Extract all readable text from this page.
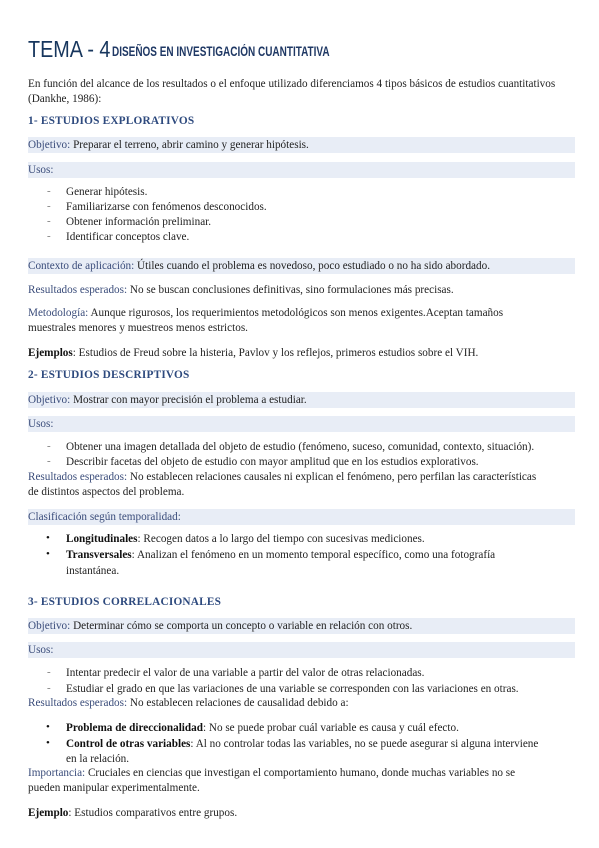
TEMA - 4 DISEÑOS EN INVESTIGACIÓN CUANTITATIVA
En función del alcance de los resultados o el enfoque utilizado diferenciamos 4 tipos básicos de estudios cuantitativos (Dankhe, 1986):
1- ESTUDIOS EXPLORATIVOS
Objetivo: Preparar el terreno, abrir camino y generar hipótesis.
Usos:
- Generar hipótesis.
- Familiarizarse con fenómenos desconocidos.
- Obtener información preliminar.
- Identificar conceptos clave.
Contexto de aplicación: Útiles cuando el problema es novedoso, poco estudiado o no ha sido abordado.
Resultados esperados: No se buscan conclusiones definitivas, sino formulaciones más precisas.
Metodología: Aunque rigurosos, los requerimientos metodológicos son menos exigentes.Aceptan tamaños
muestrales menores y muestreos menos estrictos.
Ejemplos: Estudios de Freud sobre la histeria, Pavlov y los reflejos, primeros estudios sobre el VIH.
2- ESTUDIOS DESCRIPTIVOS
Objetivo: Mostrar con mayor precisión el problema a estudiar.
Usos:
- Obtener una imagen detallada del objeto de estudio (fenómeno, suceso, comunidad, contexto, situación).
- Describir facetas del objeto de estudio con mayor amplitud que en los estudios explorativos.
Resultados esperados: No establecen relaciones causales ni explican el fenómeno, pero perfilan las características
de distintos aspectos del problema.
Clasificación según temporalidad:
• Longitudinales: Recogen datos a lo largo del tiempo con sucesivas mediciones.
• Transversales: Analizan el fenómeno en un momento temporal específico, como una fotografía
instantánea.
3- ESTUDIOS CORRELACIONALES
Objetivo: Determinar cómo se comporta un concepto o variable en relación con otros.
Usos:
- Intentar predecir el valor de una variable a partir del valor de otras relacionadas.
- Estudiar el grado en que las variaciones de una variable se corresponden con las variaciones en otras.
Resultados esperados: No establecen relaciones de causalidad debido a:
• Problema de direccionalidad: No se puede probar cuál variable es causa y cuál efecto.
• Control de otras variables: Al no controlar todas las variables, no se puede asegurar si alguna interviene
en la relación.
Importancia: Cruciales en ciencias que investigan el comportamiento humano, donde muchas variables no se
pueden manipular experimentalmente.
Ejemplo: Estudios comparativos entre grupos.
